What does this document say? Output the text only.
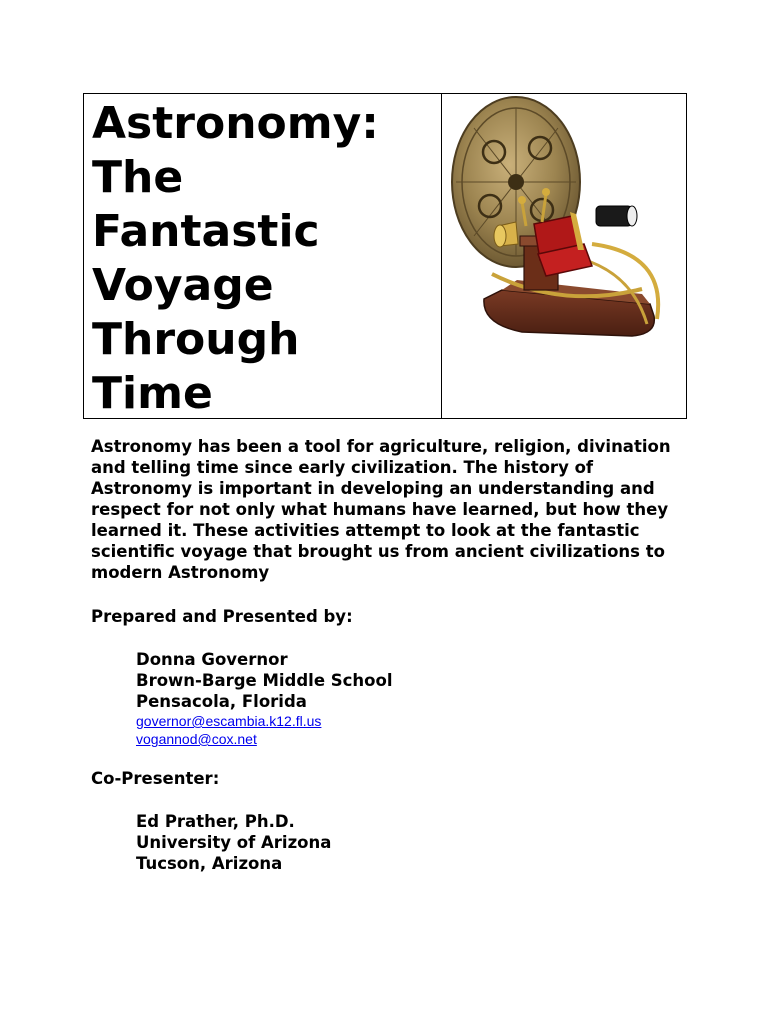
Astronomy:
The
Fantastic
Voyage
Through
Time

Astronomy has been a tool for agriculture, religion, divination and telling time since early civilization. The history of Astronomy is important in developing an understanding and respect for not only what humans have learned, but how they learned it. These activities attempt to look at the fantastic scientific voyage that brought us from ancient civilizations to modern Astronomy

Prepared and Presented by:

Donna Governor
Brown-Barge Middle School
Pensacola, Florida
governor@escambia.k12.fl.us
vogannod@cox.net

Co-Presenter:

Ed Prather, Ph.D.
University of Arizona
Tucson, Arizona
